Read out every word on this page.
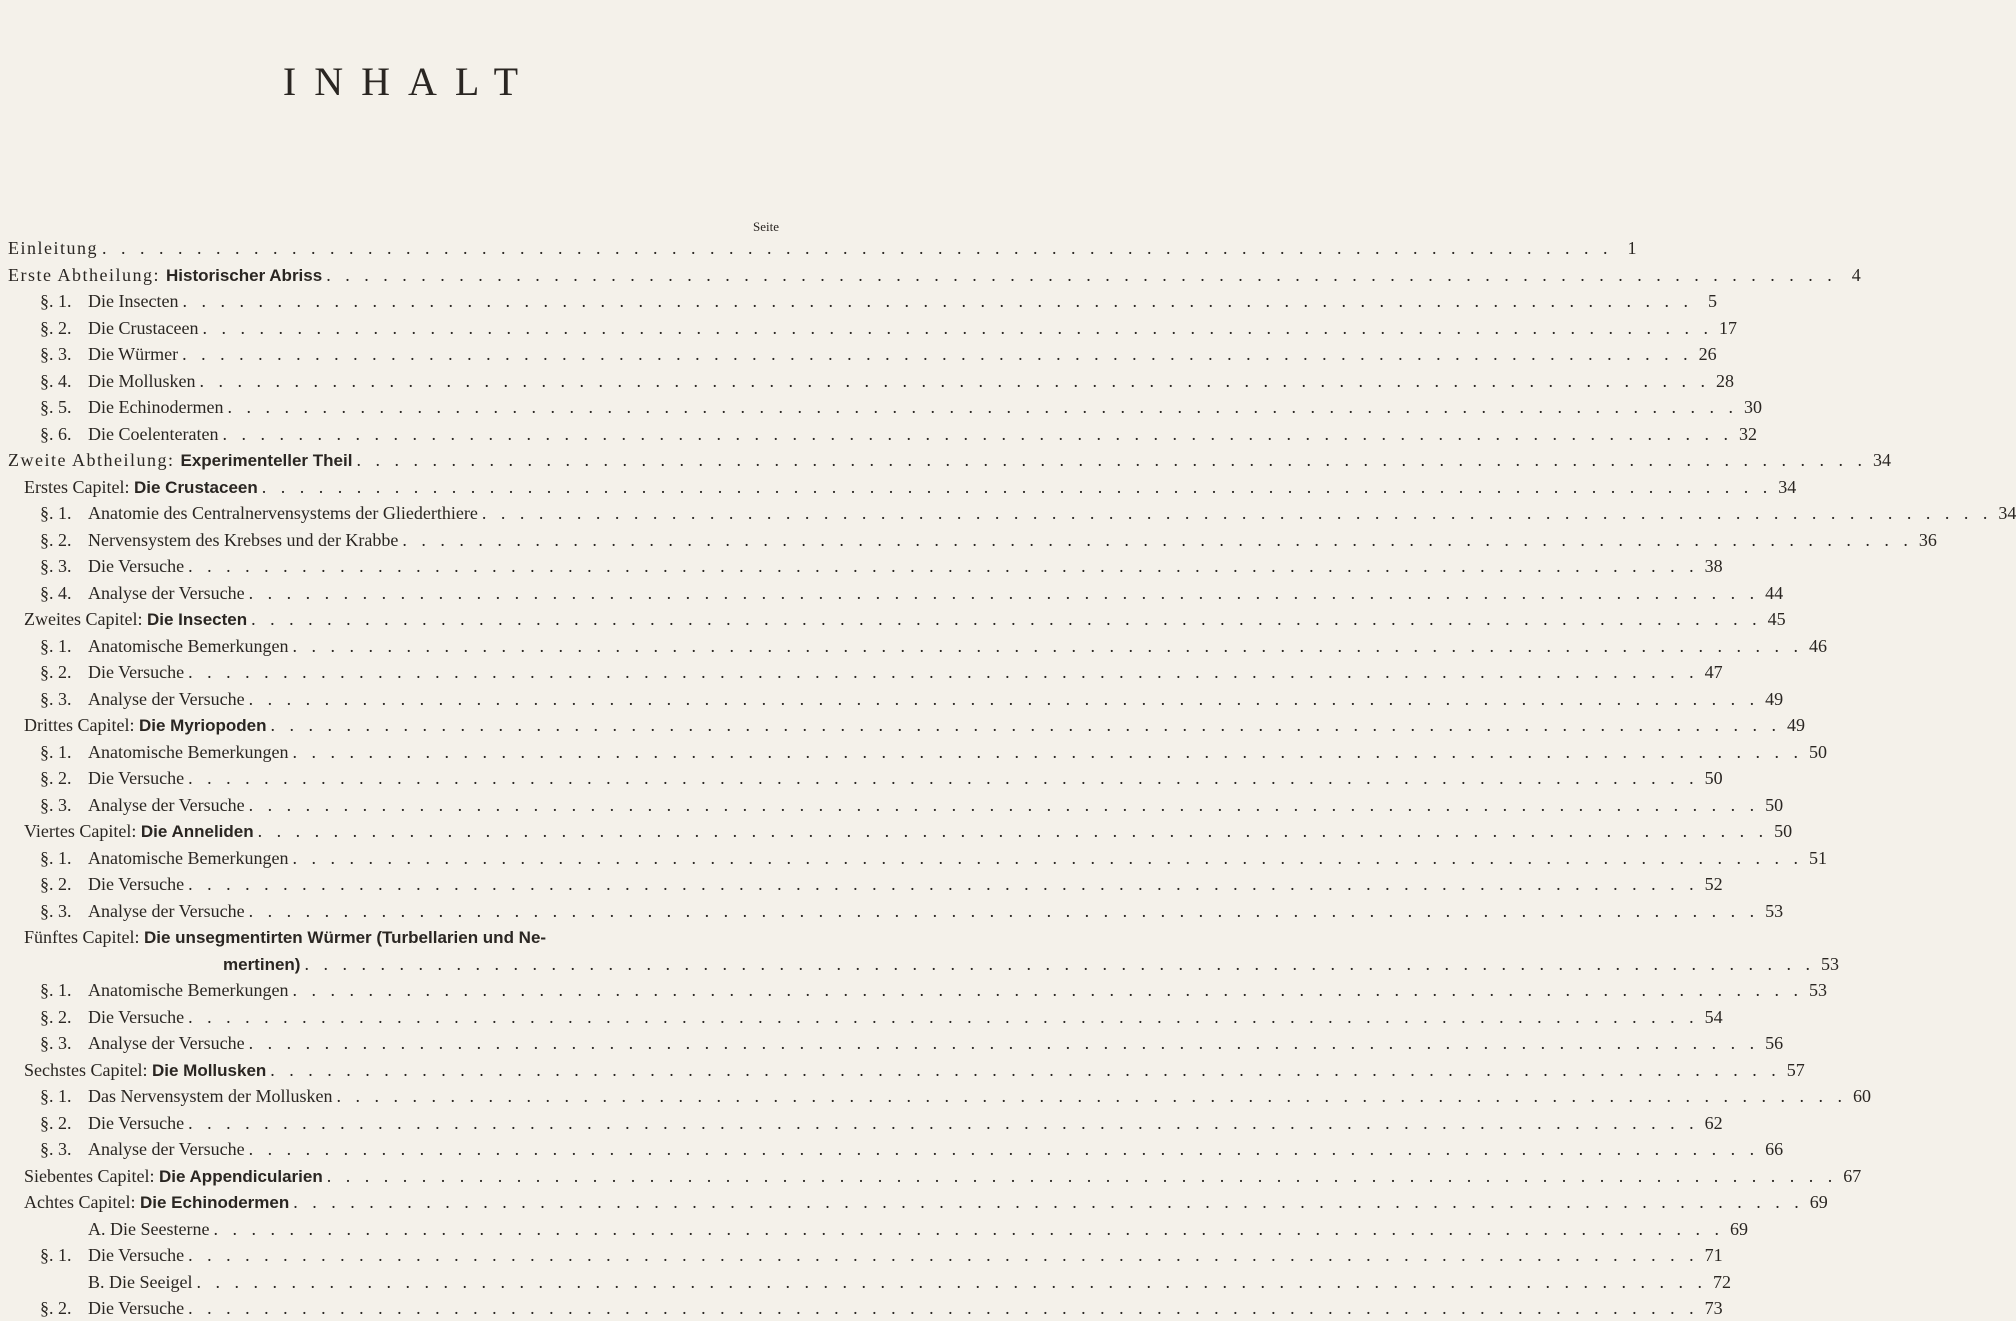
INHALT
Seite
Einleitung . . . . . . . . . . . . . . . . . . . . . . . . . . . . . . . . . . . . . . . . . . . . . . . . . . . . . . . . . . . . . . . . . . . . . . . . . . . . . . . . 1
Erste Abtheilung: Historischer Abriss . . . . . . . . . . . . . . . . . . . . . . . . . . . . . . . . . . . . . . . . . . . . . . . . . . . . . . . . . . . . . . . . . . . . . . . . . . . . . . . . 4
§. 1. Die Insecten . . . . . . . . . . . . . . . . . . . . . . . . . . . . . . . . . . . . . . . . . . . . . . . . . . . . . . . . . . . . . . . . . . . . . . . . . . . . . . . . 5
§. 2. Die Crustaceen . . . . . . . . . . . . . . . . . . . . . . . . . . . . . . . . . . . . . . . . . . . . . . . . . . . . . . . . . . . . . . . . . . . . . . . . . . . . . . . . 17
§. 3. Die Würmer . . . . . . . . . . . . . . . . . . . . . . . . . . . . . . . . . . . . . . . . . . . . . . . . . . . . . . . . . . . . . . . . . . . . . . . . . . . . . . . . 26
§. 4. Die Mollusken . . . . . . . . . . . . . . . . . . . . . . . . . . . . . . . . . . . . . . . . . . . . . . . . . . . . . . . . . . . . . . . . . . . . . . . . . . . . . . . . 28
§. 5. Die Echinodermen . . . . . . . . . . . . . . . . . . . . . . . . . . . . . . . . . . . . . . . . . . . . . . . . . . . . . . . . . . . . . . . . . . . . . . . . . . . . . . . . 30
§. 6. Die Coelenteraten . . . . . . . . . . . . . . . . . . . . . . . . . . . . . . . . . . . . . . . . . . . . . . . . . . . . . . . . . . . . . . . . . . . . . . . . . . . . . . . . 32
Zweite Abtheilung: Experimenteller Theil . . . . . . . . . . . . . . . . . . . . . . . . . . . . . . . . . . . . . . . . . . . . . . . . . . . . . . . . . . . . . . . . . . . . . . . . . . . . . . . . 34
Erstes Capitel: Die Crustaceen . . . . . . . . . . . . . . . . . . . . . . . . . . . . . . . . . . . . . . . . . . . . . . . . . . . . . . . . . . . . . . . . . . . . . . . . . . . . . . . . 34
§. 1. Anatomie des Centralnervensystems der Gliederthiere . . . . . . . . . . . . . . . . . . . . . . . . . . . . . . . . . . . . . . . . . . . . . . . . . . . . . . . . . . . . . . . . . . . . . . . . . . . . . . . . 34
§. 2. Nervensystem des Krebses und der Krabbe . . . . . . . . . . . . . . . . . . . . . . . . . . . . . . . . . . . . . . . . . . . . . . . . . . . . . . . . . . . . . . . . . . . . . . . . . . . . . . . . 36
§. 3. Die Versuche . . . . . . . . . . . . . . . . . . . . . . . . . . . . . . . . . . . . . . . . . . . . . . . . . . . . . . . . . . . . . . . . . . . . . . . . . . . . . . . . 38
§. 4. Analyse der Versuche . . . . . . . . . . . . . . . . . . . . . . . . . . . . . . . . . . . . . . . . . . . . . . . . . . . . . . . . . . . . . . . . . . . . . . . . . . . . . . . . 44
Zweites Capitel: Die Insecten . . . . . . . . . . . . . . . . . . . . . . . . . . . . . . . . . . . . . . . . . . . . . . . . . . . . . . . . . . . . . . . . . . . . . . . . . . . . . . . . 45
§. 1. Anatomische Bemerkungen . . . . . . . . . . . . . . . . . . . . . . . . . . . . . . . . . . . . . . . . . . . . . . . . . . . . . . . . . . . . . . . . . . . . . . . . . . . . . . . . 46
§. 2. Die Versuche . . . . . . . . . . . . . . . . . . . . . . . . . . . . . . . . . . . . . . . . . . . . . . . . . . . . . . . . . . . . . . . . . . . . . . . . . . . . . . . . 47
§. 3. Analyse der Versuche . . . . . . . . . . . . . . . . . . . . . . . . . . . . . . . . . . . . . . . . . . . . . . . . . . . . . . . . . . . . . . . . . . . . . . . . . . . . . . . . 49
Drittes Capitel: Die Myriopoden . . . . . . . . . . . . . . . . . . . . . . . . . . . . . . . . . . . . . . . . . . . . . . . . . . . . . . . . . . . . . . . . . . . . . . . . . . . . . . . . 49
§. 1. Anatomische Bemerkungen . . . . . . . . . . . . . . . . . . . . . . . . . . . . . . . . . . . . . . . . . . . . . . . . . . . . . . . . . . . . . . . . . . . . . . . . . . . . . . . . 50
§. 2. Die Versuche . . . . . . . . . . . . . . . . . . . . . . . . . . . . . . . . . . . . . . . . . . . . . . . . . . . . . . . . . . . . . . . . . . . . . . . . . . . . . . . . 50
§. 3. Analyse der Versuche . . . . . . . . . . . . . . . . . . . . . . . . . . . . . . . . . . . . . . . . . . . . . . . . . . . . . . . . . . . . . . . . . . . . . . . . . . . . . . . . 50
Viertes Capitel: Die Anneliden . . . . . . . . . . . . . . . . . . . . . . . . . . . . . . . . . . . . . . . . . . . . . . . . . . . . . . . . . . . . . . . . . . . . . . . . . . . . . . . . 50
§. 1. Anatomische Bemerkungen . . . . . . . . . . . . . . . . . . . . . . . . . . . . . . . . . . . . . . . . . . . . . . . . . . . . . . . . . . . . . . . . . . . . . . . . . . . . . . . . 51
§. 2. Die Versuche . . . . . . . . . . . . . . . . . . . . . . . . . . . . . . . . . . . . . . . . . . . . . . . . . . . . . . . . . . . . . . . . . . . . . . . . . . . . . . . . 52
§. 3. Analyse der Versuche . . . . . . . . . . . . . . . . . . . . . . . . . . . . . . . . . . . . . . . . . . . . . . . . . . . . . . . . . . . . . . . . . . . . . . . . . . . . . . . . 53
Fünftes Capitel: Die unsegmentirten Würmer (Turbellarien und Ne-
mertinen) . . . . . . . . . . . . . . . . . . . . . . . . . . . . . . . . . . . . . . . . . . . . . . . . . . . . . . . . . . . . . . . . . . . . . . . . . . . . . . . . 53
§. 1. Anatomische Bemerkungen . . . . . . . . . . . . . . . . . . . . . . . . . . . . . . . . . . . . . . . . . . . . . . . . . . . . . . . . . . . . . . . . . . . . . . . . . . . . . . . . 53
§. 2. Die Versuche . . . . . . . . . . . . . . . . . . . . . . . . . . . . . . . . . . . . . . . . . . . . . . . . . . . . . . . . . . . . . . . . . . . . . . . . . . . . . . . . 54
§. 3. Analyse der Versuche . . . . . . . . . . . . . . . . . . . . . . . . . . . . . . . . . . . . . . . . . . . . . . . . . . . . . . . . . . . . . . . . . . . . . . . . . . . . . . . . 56
Sechstes Capitel: Die Mollusken . . . . . . . . . . . . . . . . . . . . . . . . . . . . . . . . . . . . . . . . . . . . . . . . . . . . . . . . . . . . . . . . . . . . . . . . . . . . . . . . 57
§. 1. Das Nervensystem der Mollusken . . . . . . . . . . . . . . . . . . . . . . . . . . . . . . . . . . . . . . . . . . . . . . . . . . . . . . . . . . . . . . . . . . . . . . . . . . . . . . . . 60
§. 2. Die Versuche . . . . . . . . . . . . . . . . . . . . . . . . . . . . . . . . . . . . . . . . . . . . . . . . . . . . . . . . . . . . . . . . . . . . . . . . . . . . . . . . 62
§. 3. Analyse der Versuche . . . . . . . . . . . . . . . . . . . . . . . . . . . . . . . . . . . . . . . . . . . . . . . . . . . . . . . . . . . . . . . . . . . . . . . . . . . . . . . . 66
Siebentes Capitel: Die Appendicularien . . . . . . . . . . . . . . . . . . . . . . . . . . . . . . . . . . . . . . . . . . . . . . . . . . . . . . . . . . . . . . . . . . . . . . . . . . . . . . . . 67
Achtes Capitel: Die Echinodermen . . . . . . . . . . . . . . . . . . . . . . . . . . . . . . . . . . . . . . . . . . . . . . . . . . . . . . . . . . . . . . . . . . . . . . . . . . . . . . . . 69
A. Die Seesterne . . . . . . . . . . . . . . . . . . . . . . . . . . . . . . . . . . . . . . . . . . . . . . . . . . . . . . . . . . . . . . . . . . . . . . . . . . . . . . . . 69
§. 1. Die Versuche . . . . . . . . . . . . . . . . . . . . . . . . . . . . . . . . . . . . . . . . . . . . . . . . . . . . . . . . . . . . . . . . . . . . . . . . . . . . . . . . 71
B. Die Seeigel . . . . . . . . . . . . . . . . . . . . . . . . . . . . . . . . . . . . . . . . . . . . . . . . . . . . . . . . . . . . . . . . . . . . . . . . . . . . . . . . 72
§. 2. Die Versuche . . . . . . . . . . . . . . . . . . . . . . . . . . . . . . . . . . . . . . . . . . . . . . . . . . . . . . . . . . . . . . . . . . . . . . . . . . . . . . . . 73
